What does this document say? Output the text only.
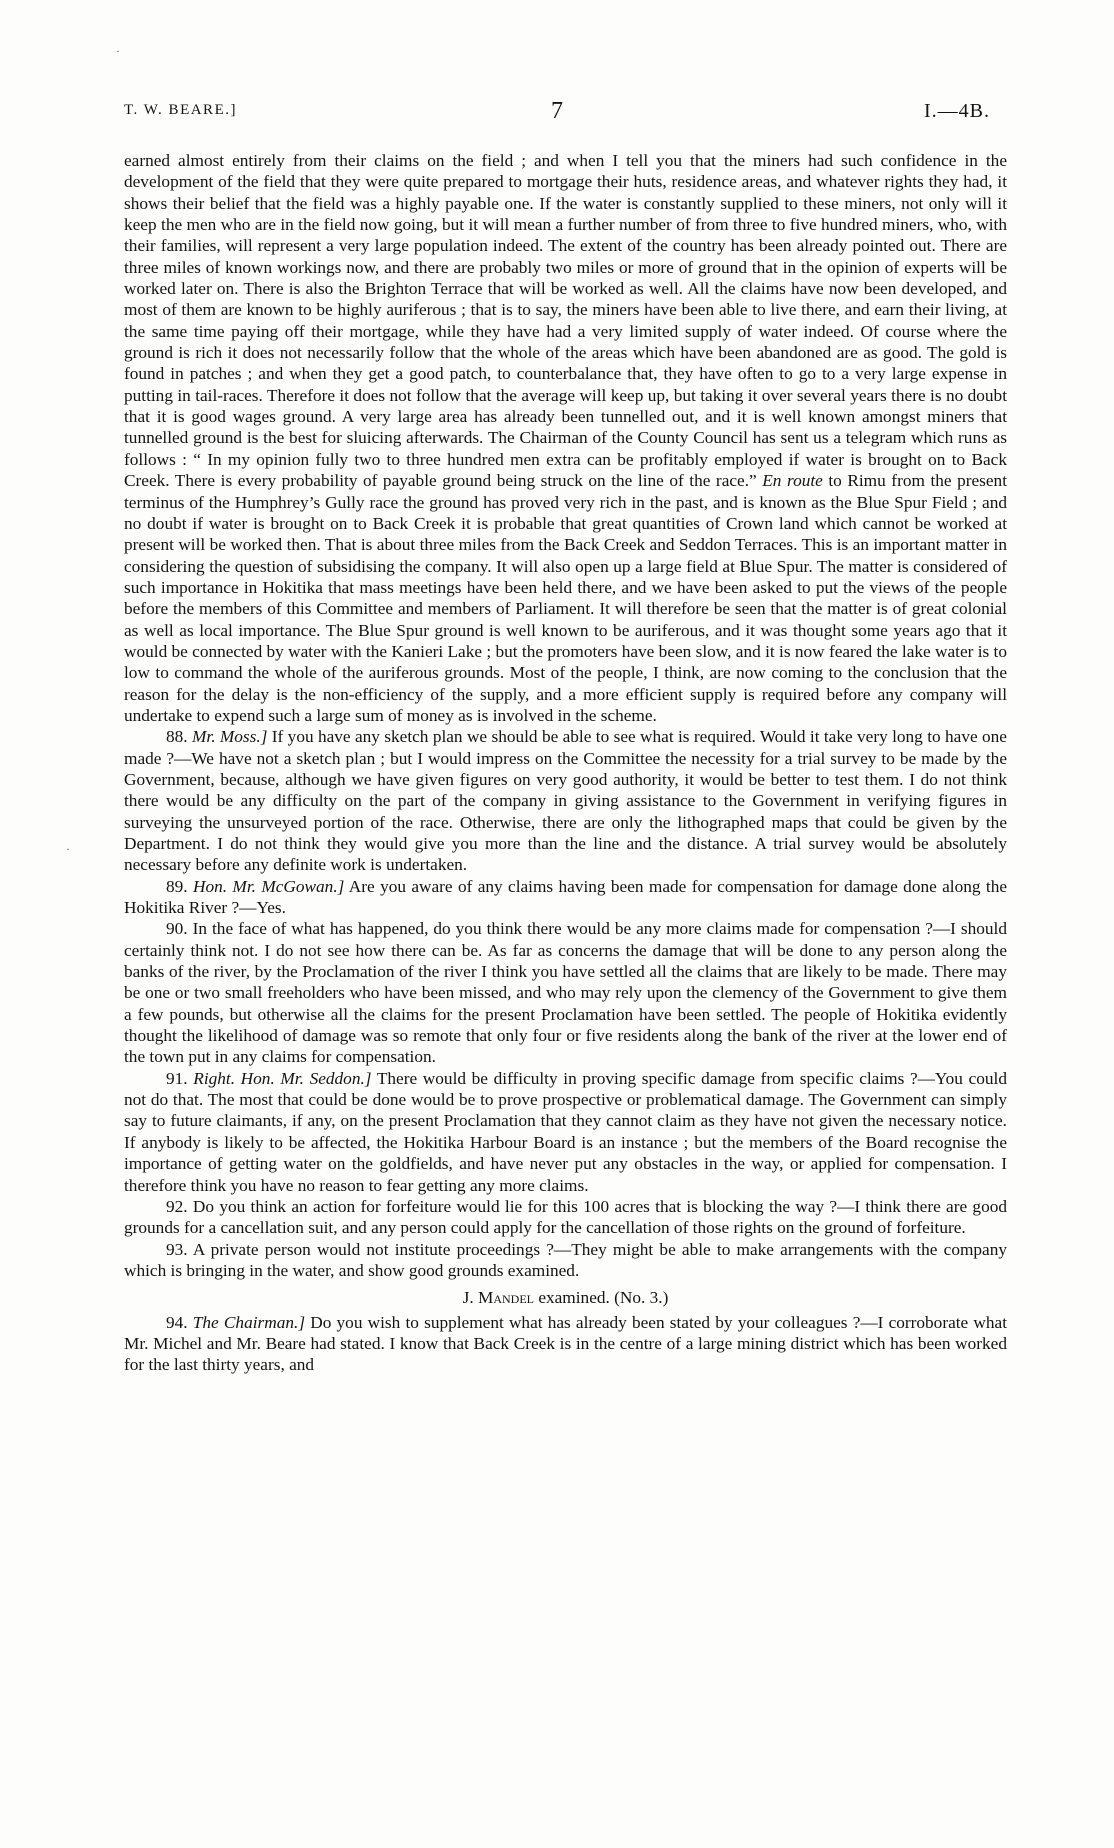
·
·
T. W. BEARE.]	7	I.—4B.

earned almost entirely from their claims on the field ; and when I tell you that the miners had such confidence in the development of the field that they were quite prepared to mortgage their huts, residence areas, and whatever rights they had, it shows their belief that the field was a highly payable one. If the water is constantly supplied to these miners, not only will it keep the men who are in the field now going, but it will mean a further number of from three to five hundred miners, who, with their families, will represent a very large population indeed. The extent of the country has been already pointed out. There are three miles of known workings now, and there are probably two miles or more of ground that in the opinion of experts will be worked later on. There is also the Brighton Terrace that will be worked as well. All the claims have now been developed, and most of them are known to be highly auriferous ; that is to say, the miners have been able to live there, and earn their living, at the same time paying off their mortgage, while they have had a very limited supply of water indeed. Of course where the ground is rich it does not necessarily follow that the whole of the areas which have been abandoned are as good. The gold is found in patches ; and when they get a good patch, to counterbalance that, they have often to go to a very large expense in putting in tail-races. Therefore it does not follow that the average will keep up, but taking it over several years there is no doubt that it is good wages ground. A very large area has already been tunnelled out, and it is well known amongst miners that tunnelled ground is the best for sluicing afterwards. The Chairman of the County Council has sent us a telegram which runs as follows : “ In my opinion fully two to three hundred men extra can be profitably employed if water is brought on to Back Creek. There is every probability of payable ground being struck on the line of the race.” En route to Rimu from the present terminus of the Humphrey’s Gully race the ground has proved very rich in the past, and is known as the Blue Spur Field ; and no doubt if water is brought on to Back Creek it is probable that great quantities of Crown land which cannot be worked at present will be worked then. That is about three miles from the Back Creek and Seddon Terraces. This is an important matter in considering the question of subsidising the company. It will also open up a large field at Blue Spur. The matter is considered of such importance in Hokitika that mass meetings have been held there, and we have been asked to put the views of the people before the members of this Committee and members of Parliament. It will therefore be seen that the matter is of great colonial as well as local importance. The Blue Spur ground is well known to be auriferous, and it was thought some years ago that it would be connected by water with the Kanieri Lake ; but the promoters have been slow, and it is now feared the lake water is to low to command the whole of the auriferous grounds. Most of the people, I think, are now coming to the conclusion that the reason for the delay is the non-efficiency of the supply, and a more efficient supply is required before any company will undertake to expend such a large sum of money as is involved in the scheme.

88. Mr. Moss.] If you have any sketch plan we should be able to see what is required. Would it take very long to have one made ?—We have not a sketch plan ; but I would impress on the Committee the necessity for a trial survey to be made by the Government, because, although we have given figures on very good authority, it would be better to test them. I do not think there would be any difficulty on the part of the company in giving assistance to the Government in verifying figures in surveying the unsurveyed portion of the race. Otherwise, there are only the lithographed maps that could be given by the Department. I do not think they would give you more than the line and the distance. A trial survey would be absolutely necessary before any definite work is undertaken.

89. Hon. Mr. McGowan.] Are you aware of any claims having been made for compensation for damage done along the Hokitika River ?—Yes.

90. In the face of what has happened, do you think there would be any more claims made for compensation ?—I should certainly think not. I do not see how there can be. As far as concerns the damage that will be done to any person along the banks of the river, by the Proclamation of the river I think you have settled all the claims that are likely to be made. There may be one or two small freeholders who have been missed, and who may rely upon the clemency of the Government to give them a few pounds, but otherwise all the claims for the present Proclamation have been settled. The people of Hokitika evidently thought the likelihood of damage was so remote that only four or five residents along the bank of the river at the lower end of the town put in any claims for compensation.

91. Right. Hon. Mr. Seddon.] There would be difficulty in proving specific damage from specific claims ?—You could not do that. The most that could be done would be to prove prospective or problematical damage. The Government can simply say to future claimants, if any, on the present Proclamation that they cannot claim as they have not given the necessary notice. If anybody is likely to be affected, the Hokitika Harbour Board is an instance ; but the members of the Board recognise the importance of getting water on the goldfields, and have never put any obstacles in the way, or applied for compensation. I therefore think you have no reason to fear getting any more claims.

92. Do you think an action for forfeiture would lie for this 100 acres that is blocking the way ?—I think there are good grounds for a cancellation suit, and any person could apply for the cancellation of those rights on the ground of forfeiture.

93. A private person would not institute proceedings ?—They might be able to make arrangements with the company which is bringing in the water, and show good grounds examined.

J. Mandel examined. (No. 3.)

94. The Chairman.] Do you wish to supplement what has already been stated by your colleagues ?—I corroborate what Mr. Michel and Mr. Beare had stated. I know that Back Creek is in the centre of a large mining district which has been worked for the last thirty years, and
